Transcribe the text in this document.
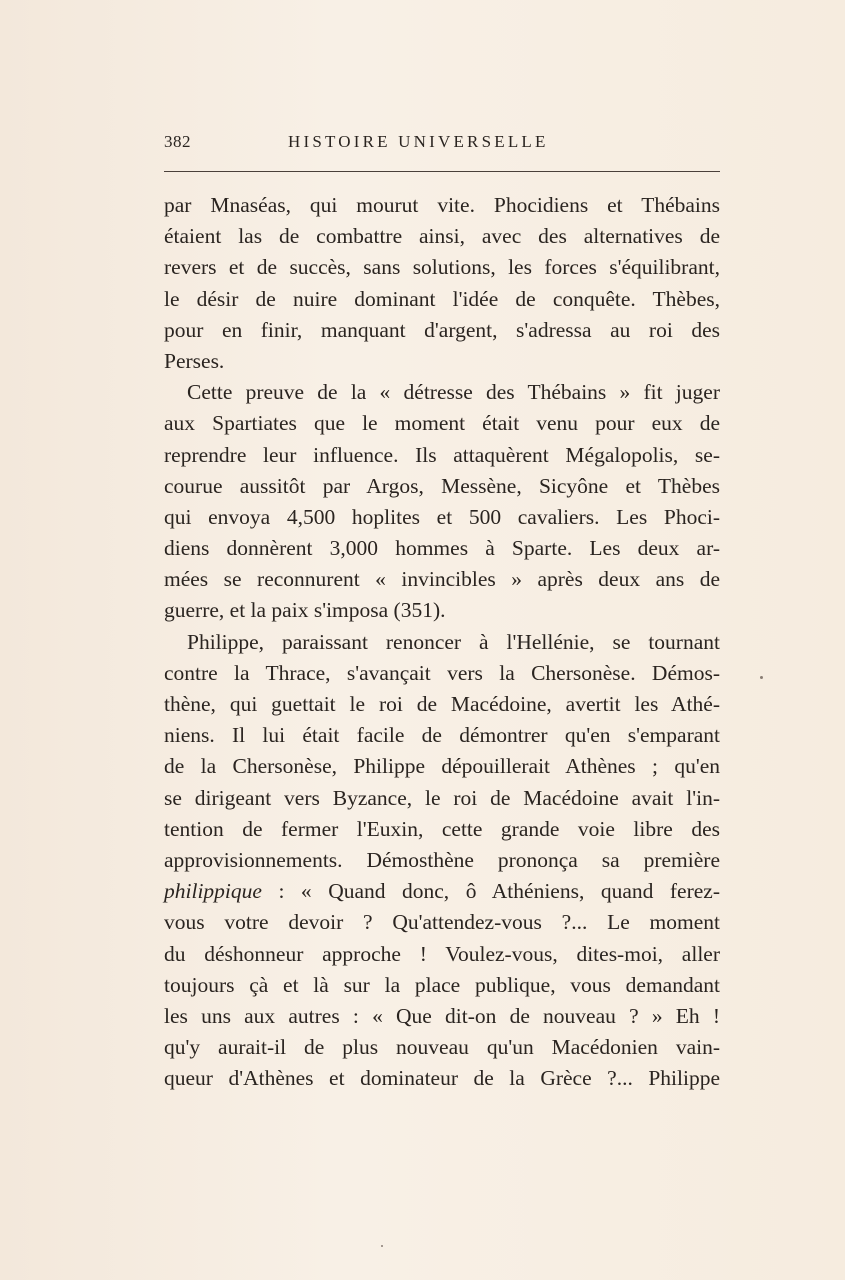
382	HISTOIRE UNIVERSELLE
par Mnaséas, qui mourut vite. Phocidiens et Thébains
étaient las de combattre ainsi, avec des alternatives de
revers et de succès, sans solutions, les forces s'équilibrant,
le désir de nuire dominant l'idée de conquête. Thèbes,
pour en finir, manquant d'argent, s'adressa au roi des
Perses.
Cette preuve de la « détresse des Thébains » fit juger
aux Spartiates que le moment était venu pour eux de
reprendre leur influence. Ils attaquèrent Mégalopolis, se-
courue aussitôt par Argos, Messène, Sicyône et Thèbes
qui envoya 4,500 hoplites et 500 cavaliers. Les Phoci-
diens donnèrent 3,000 hommes à Sparte. Les deux ar-
mées se reconnurent « invincibles » après deux ans de
guerre, et la paix s'imposa (351).
Philippe, paraissant renoncer à l'Hellénie, se tournant
contre la Thrace, s'avançait vers la Chersonèse. Démos-
thène, qui guettait le roi de Macédoine, avertit les Athé-
niens. Il lui était facile de démontrer qu'en s'emparant
de la Chersonèse, Philippe dépouillerait Athènes ; qu'en
se dirigeant vers Byzance, le roi de Macédoine avait l'in-
tention de fermer l'Euxin, cette grande voie libre des
approvisionnements. Démosthène prononça sa première
philippique : « Quand donc, ô Athéniens, quand ferez-
vous votre devoir ? Qu'attendez-vous ?... Le moment
du déshonneur approche ! Voulez-vous, dites-moi, aller
toujours çà et là sur la place publique, vous demandant
les uns aux autres : « Que dit-on de nouveau ? » Eh !
qu'y aurait-il de plus nouveau qu'un Macédonien vain-
queur d'Athènes et dominateur de la Grèce ?... Philippe
